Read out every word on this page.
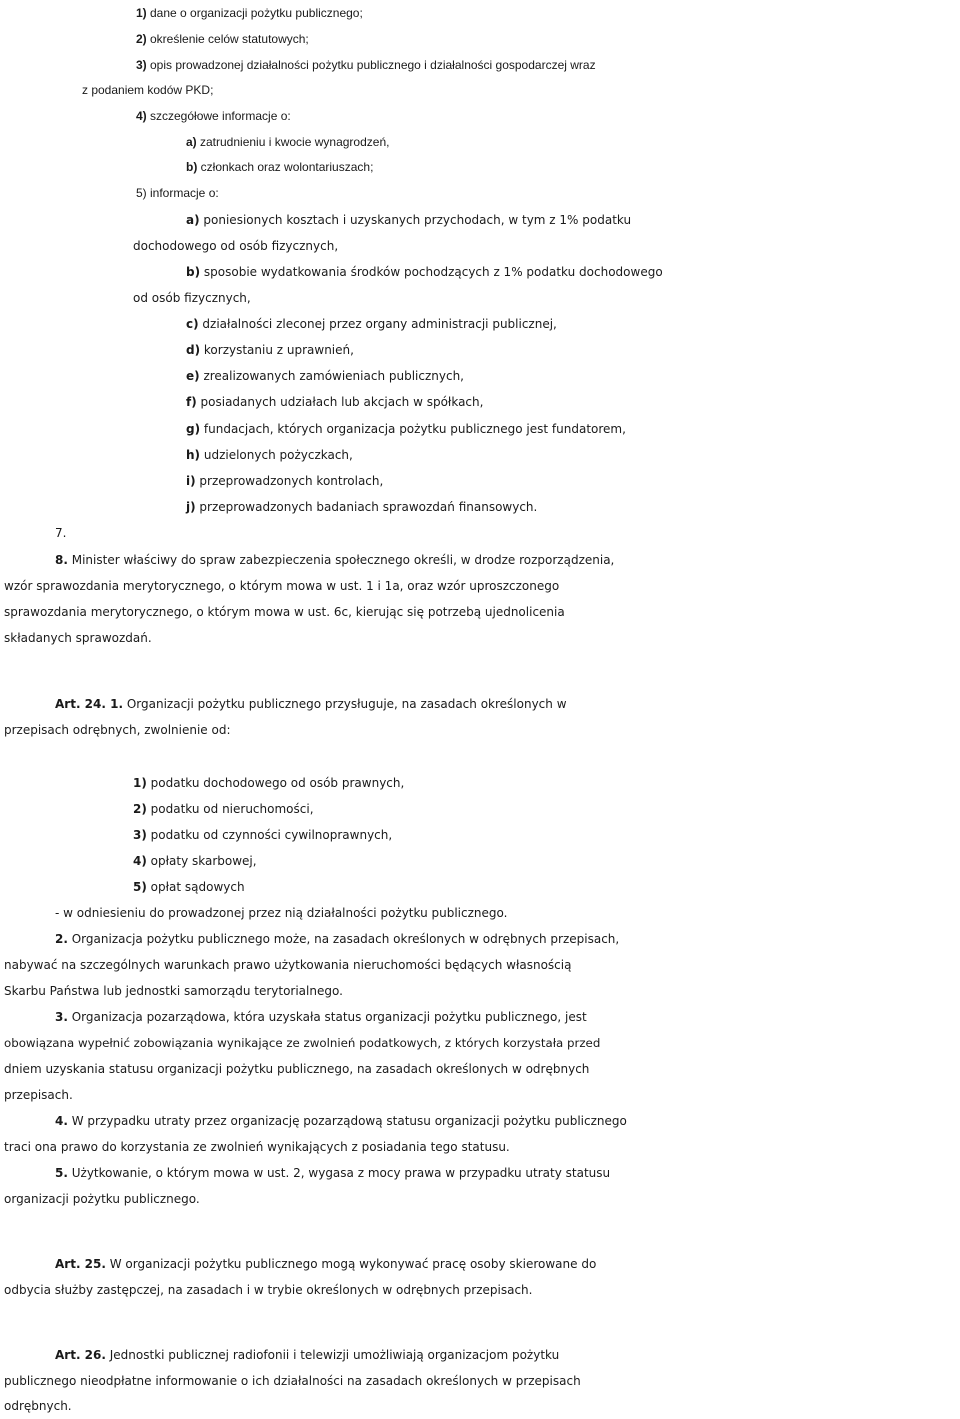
1) dane o organizacji pożytku publicznego;
2) określenie celów statutowych;
3) opis prowadzonej działalności pożytku publicznego i działalności gospodarczej wraz
z podaniem kodów PKD;
4) szczegółowe informacje o:
a) zatrudnieniu i kwocie wynagrodzeń,
b) członkach oraz wolontariuszach;
5) informacje o:
a) poniesionych kosztach i uzyskanych przychodach, w tym z 1% podatku
dochodowego od osób fizycznych,
b) sposobie wydatkowania środków pochodzących z 1% podatku dochodowego
od osób fizycznych,
c) działalności zleconej przez organy administracji publicznej,
d) korzystaniu z uprawnień,
e) zrealizowanych zamówieniach publicznych,
f) posiadanych udziałach lub akcjach w spółkach,
g) fundacjach, których organizacja pożytku publicznego jest fundatorem,
h) udzielonych pożyczkach,
i) przeprowadzonych kontrolach,
j) przeprowadzonych badaniach sprawozdań finansowych.
7.
8. Minister właściwy do spraw zabezpieczenia społecznego określi, w drodze rozporządzenia,
wzór sprawozdania merytorycznego, o którym mowa w ust. 1 i 1a, oraz wzór uproszczonego
sprawozdania merytorycznego, o którym mowa w ust. 6c, kierując się potrzebą ujednolicenia
składanych sprawozdań.
Art. 24. 1. Organizacji pożytku publicznego przysługuje, na zasadach określonych w
przepisach odrębnych, zwolnienie od:
1) podatku dochodowego od osób prawnych,
2) podatku od nieruchomości,
3) podatku od czynności cywilnoprawnych,
4) opłaty skarbowej,
5) opłat sądowych
- w odniesieniu do prowadzonej przez nią działalności pożytku publicznego.
2. Organizacja pożytku publicznego może, na zasadach określonych w odrębnych przepisach,
nabywać na szczególnych warunkach prawo użytkowania nieruchomości będących własnością
Skarbu Państwa lub jednostki samorządu terytorialnego.
3. Organizacja pozarządowa, która uzyskała status organizacji pożytku publicznego, jest
obowiązana wypełnić zobowiązania wynikające ze zwolnień podatkowych, z których korzystała przed
dniem uzyskania statusu organizacji pożytku publicznego, na zasadach określonych w odrębnych
przepisach.
4. W przypadku utraty przez organizację pozarządową statusu organizacji pożytku publicznego
traci ona prawo do korzystania ze zwolnień wynikających z posiadania tego statusu.
5. Użytkowanie, o którym mowa w ust. 2, wygasa z mocy prawa w przypadku utraty statusu
organizacji pożytku publicznego.
Art. 25. W organizacji pożytku publicznego mogą wykonywać pracę osoby skierowane do
odbycia służby zastępczej, na zasadach i w trybie określonych w odrębnych przepisach.
Art. 26. Jednostki publicznej radiofonii i telewizji umożliwiają organizacjom pożytku
publicznego nieodpłatne informowanie o ich działalności na zasadach określonych w przepisach
odrębnych.
